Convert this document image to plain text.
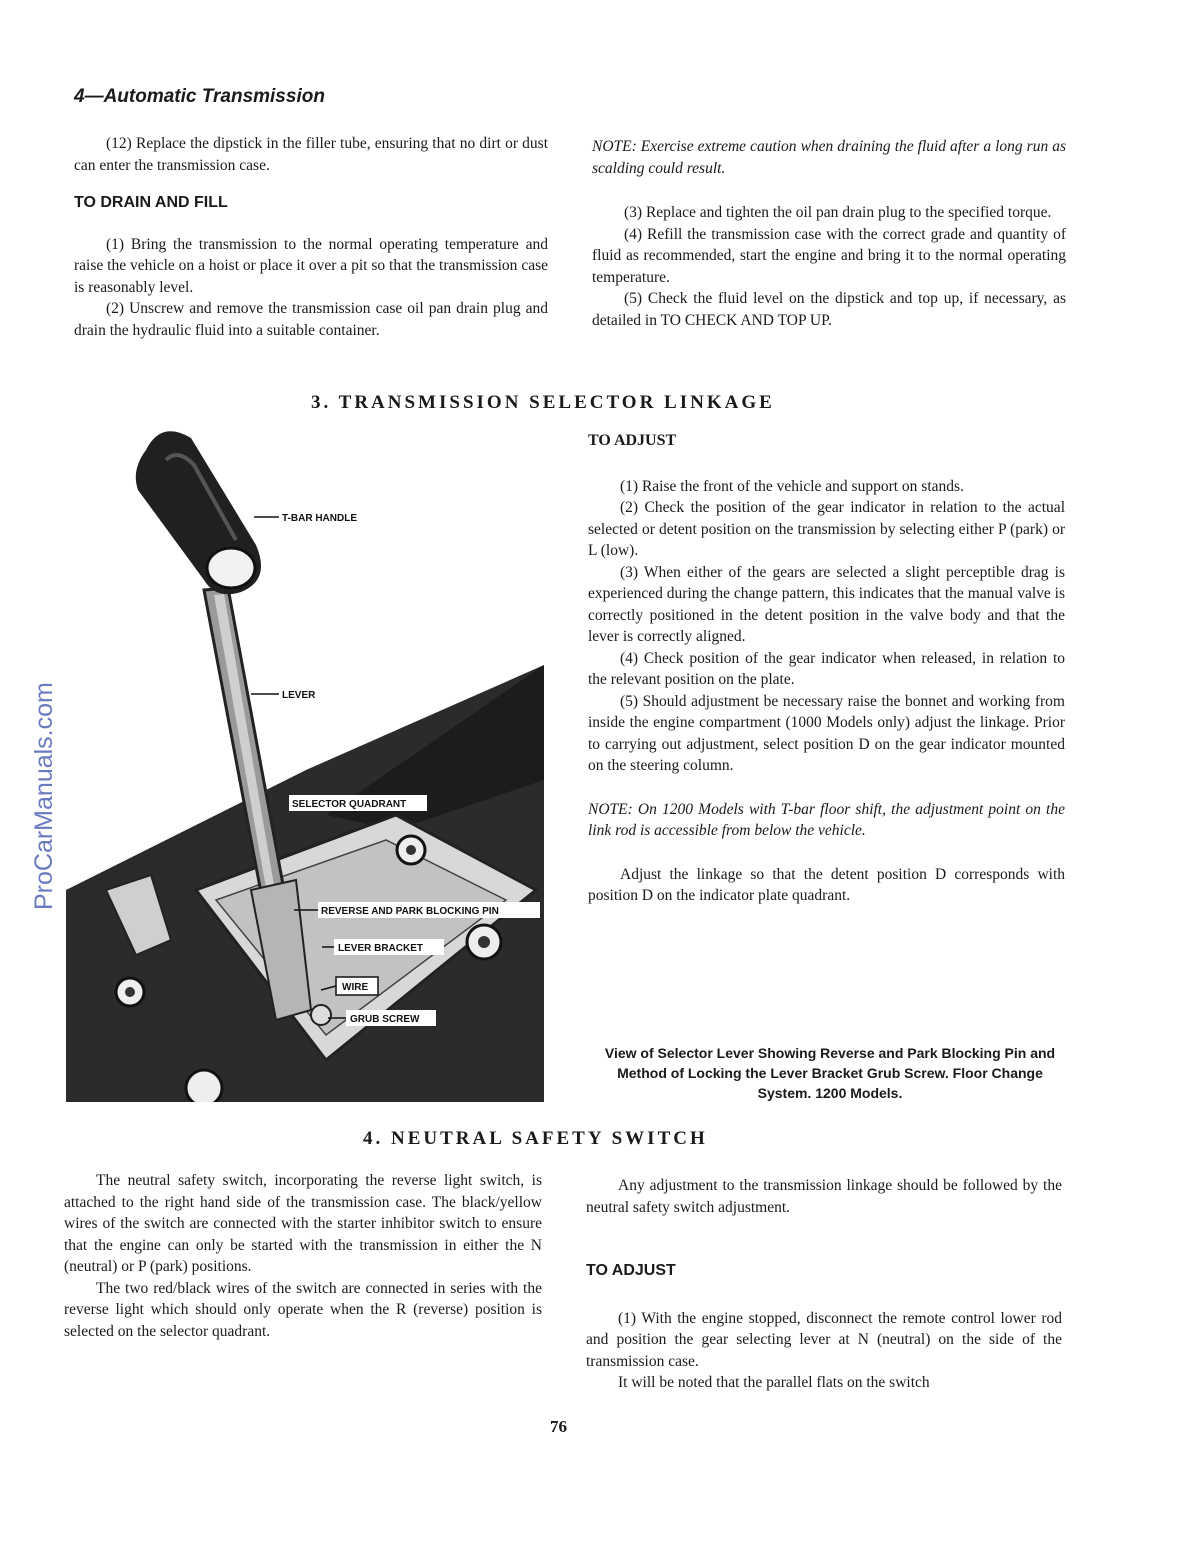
4—Automatic Transmission
ProCarManuals.com

(12) Replace the dipstick in the filler tube, ensuring that no dirt or dust can enter the transmission case.

TO DRAIN AND FILL

(1) Bring the transmission to the normal operating temperature and raise the vehicle on a hoist or place it over a pit so that the transmission case is reasonably level.

(2) Unscrew and remove the transmission case oil pan drain plug and drain the hydraulic fluid into a suitable container.

NOTE: Exercise extreme caution when draining the fluid after a long run as scalding could result.

(3) Replace and tighten the oil pan drain plug to the specified torque.

(4) Refill the transmission case with the correct grade and quantity of fluid as recommended, start the engine and bring it to the normal operating temperature.

(5) Check the fluid level on the dipstick and top up, if necessary, as detailed in TO CHECK AND TOP UP.

3. TRANSMISSION SELECTOR LINKAGE
T-BAR HANDLE
LEVER
SELECTOR QUADRANT
REVERSE AND PARK BLOCKING PIN
LEVER BRACKET
WIRE
GRUB SCREW

TO ADJUST

(1) Raise the front of the vehicle and support on stands.

(2) Check the position of the gear indicator in relation to the actual selected or detent position on the transmission by selecting either P (park) or L (low).

(3) When either of the gears are selected a slight perceptible drag is experienced during the change pattern, this indicates that the manual valve is correctly positioned in the detent position in the valve body and that the lever is correctly aligned.

(4) Check position of the gear indicator when released, in relation to the relevant position on the plate.

(5) Should adjustment be necessary raise the bonnet and working from inside the engine compartment (1000 Models only) adjust the linkage. Prior to carrying out adjustment, select position D on the gear indicator mounted on the steering column.

NOTE: On 1200 Models with T-bar floor shift, the adjustment point on the link rod is accessible from below the vehicle.

Adjust the linkage so that the detent position D corresponds with position D on the indicator plate quadrant.

View of Selector Lever Showing Reverse and Park Blocking Pin and Method of Locking the Lever Bracket Grub Screw. Floor Change System. 1200 Models.
4. NEUTRAL SAFETY SWITCH

The neutral safety switch, incorporating the reverse light switch, is attached to the right hand side of the transmission case. The black/yellow wires of the switch are connected with the starter inhibitor switch to ensure that the engine can only be started with the transmission in either the N (neutral) or P (park) positions.

The two red/black wires of the switch are connected in series with the reverse light which should only operate when the R (reverse) position is selected on the selector quadrant.

Any adjustment to the transmission linkage should be followed by the neutral safety switch adjustment.

TO ADJUST

(1) With the engine stopped, disconnect the remote control lower rod and position the gear selecting lever at N (neutral) on the side of the transmission case.

It will be noted that the parallel flats on the switch

76
